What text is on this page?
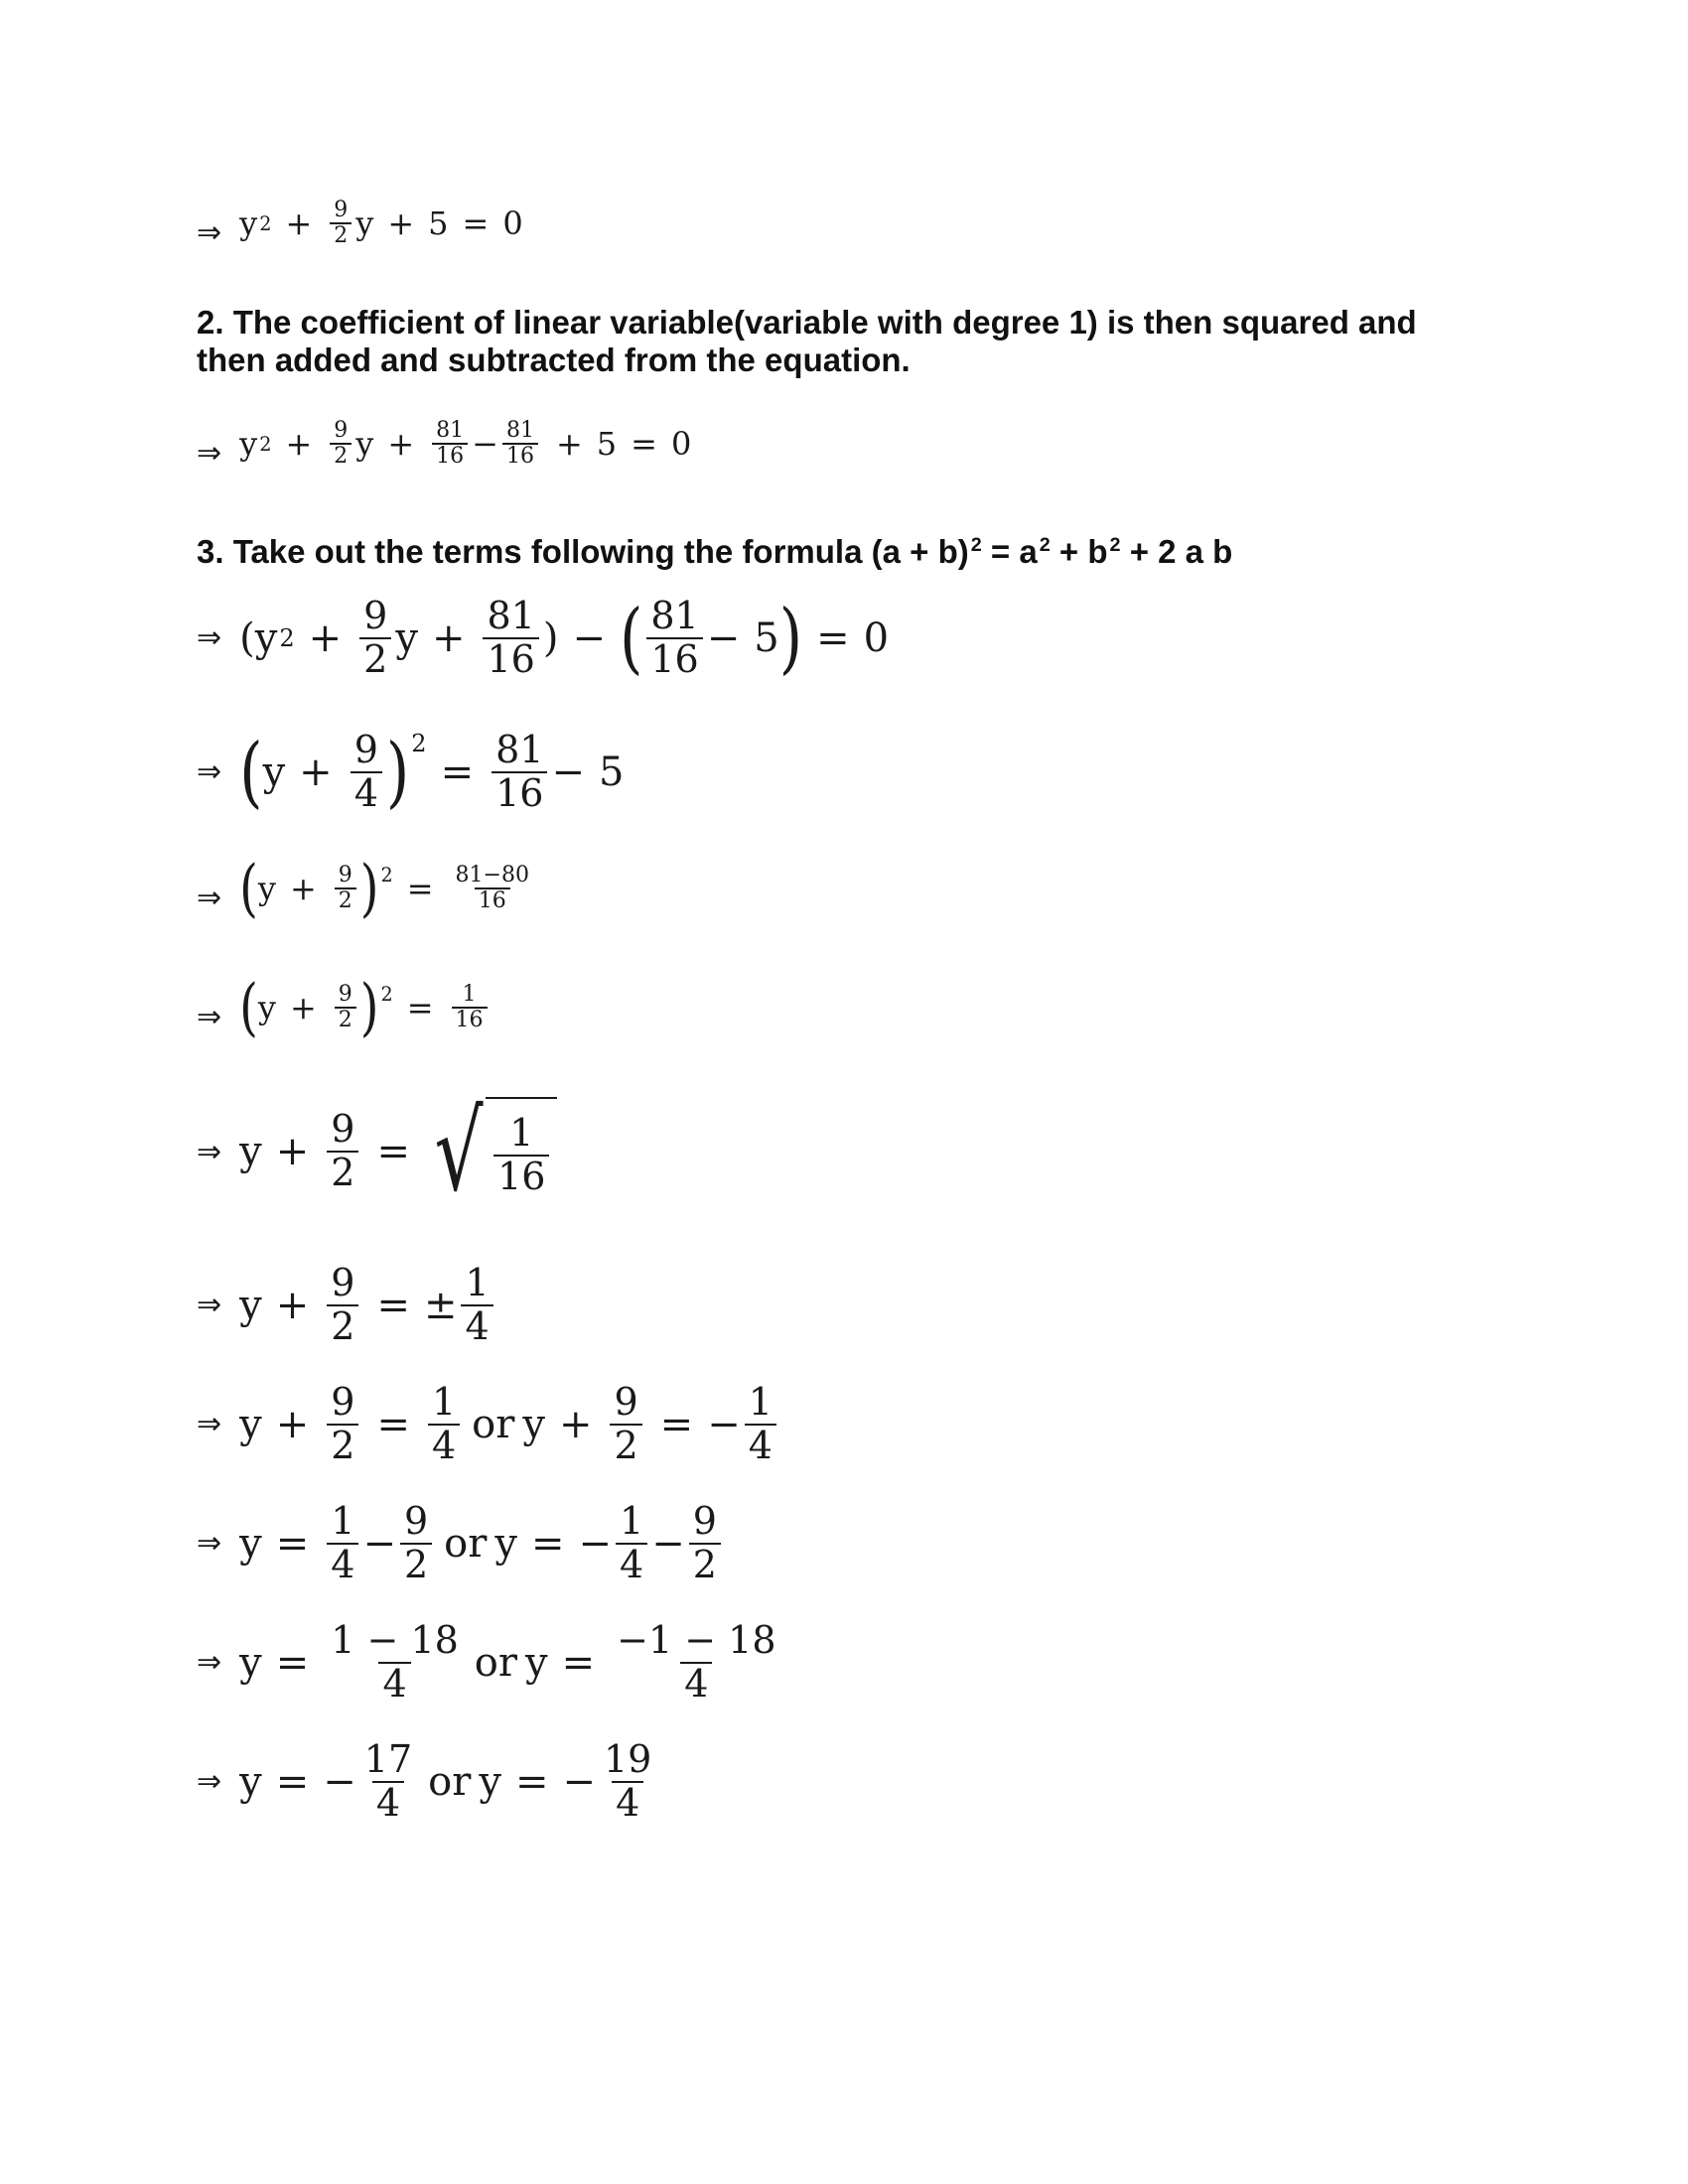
⇒ y $2 + \frac{9}{2}$ y + 5 = 0
2. The coefficient of linear variable(variable with degree 1) is then squared and then added and subtracted from the equation.
⇒ y $2 + \frac{9}{2}$ $y + \frac{81}{16} - \frac{81}{16} + 5 = 0$
3. Take out the terms following the formula (a + b) $^2$ = a $^2$ + b $^2$ + 2 a b
⇒ ( y $2 + \frac{9}{2}$ $y + \frac{81}{16}$ ) − ( $\frac{81}{16} - 5$ ) = 0
⇒ ( $y + \frac{9}{4}$ ) 2
= $\frac{81}{16} - 5$
⇒ ( $y + \frac{9}{2}$ ) $2 = \frac{81-80}{16}$
⇒ ( $y + \frac{9}{2}$ ) $2 = \frac{1}{16}$
⇒ $y + \frac{9}{2}$ = √ $\frac{1}{16}$
⇒ $y + \frac{9}{2}$ = ± $\frac{1}{4}$
⇒ $y + \frac{9}{2} = \frac{1}{4}$ or $y + \frac{9}{2}$ = − $\frac{1}{4}$
⇒ $y = \frac{1}{4} - \frac{9}{2}$ or y = − $\frac{1}{4} - \frac{9}{2}$
⇒ $y = \frac{1 - 18}{4}$ or $y = \frac{-1 - 18}{4}$
⇒ y = − $\frac{17}{4}$ or y = − $\frac{19}{4}$
